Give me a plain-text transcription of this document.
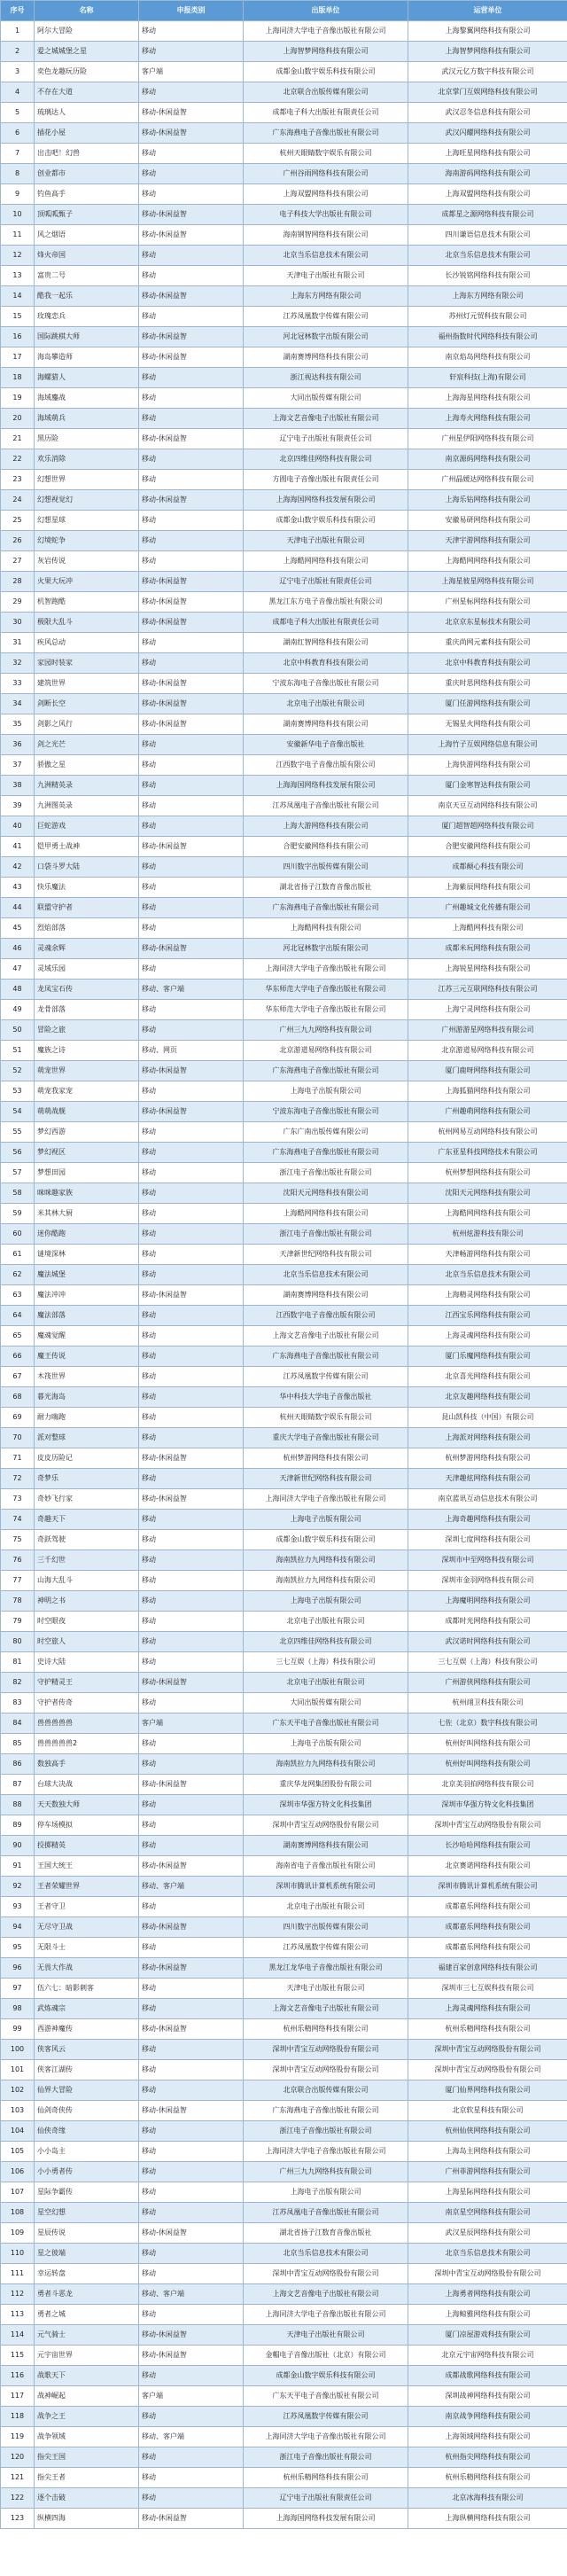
序号	名称	申报类别	出版单位	运营单位
1	阿尔大冒险	移动	上海同济大学电子音像出版社有限公司	上海黎翼网络科技有限公司
2	爱之城城堡之星	移动	上海智梦网络科技有限公司	上海智梦网络科技有限公司
3	奕色龙趣玩历险	客户端	成都金山数字娱乐科技有限公司	武汉元亿方数字科技有限公司
4	不存在大道	移动	北京联合出版传媒有限公司	北京掌门互娱网络科技有限公司
5	琉璃达人	移动-休闲益智	成都电子科大出版社有限责任公司	武汉忍冬信息科技有限公司
6	插花小屋	移动-休闲益智	广东海燕电子音像出版社有限公司	武汉闪耀网络科技有限公司
7	出击吧！幻兽	移动	杭州天眼睛数字娱乐有限公司	上海旺星网络科技有限公司
8	创业都市	移动	广州谷雨网络科技有限公司	海南游码网络科技有限公司
9	钓鱼高手	移动	上海双盟网络科技有限公司	上海双盟网络科技有限公司
10	顶呱呱甄子	移动-休闲益智	电子科技大学出版社有限公司	成都星之源网络科技有限公司
11	风之烟语	移动-休闲益智	海南钢智网络科技有限公司	四川谦语信息技术有限公司
12	烽火帝国	移动	北京当乐信息技术有限公司	北京当乐信息技术有限公司
13	富贵二号	移动	天津电子出版社有限公司	长沙锐铭网络科技有限公司
14	酷我一起乐	移动-休闲益智	上海东方网络有限公司	上海东方网络有限公司
15	玫瑰恋兵	移动	江苏凤凰数字传媒有限公司	苏州灯元贸科技有限公司
16	国际跳棋大师	移动-休闲益智	河北冠林数字出版有限公司	福州指数时代网络科技有限公司
17	海岛攀造师	移动-休闲益智	湖南赛博网络科技有限公司	南京焰岛网络科技有限公司
18	海螺猎人	移动	浙江视达科技有限公司	轩宸科技(上海)有限公司
19	海域鏖战	移动	大同出版传媒有限公司	上海海星网络科技有限公司
20	海域萌兵	移动	上海文艺音像电子出版社有限公司	上海寿火网络科技有限公司
21	黑历险	移动-休闲益智	辽宁电子出版社有限责任公司	广州星伊阳网络科技有限公司
22	欢乐消除	移动	北京四维佳网络科技有限公司	南京源码网络科技有限公司
23	幻想世界	移动	方圆电子音像出版社有限责任公司	广州晶媛达网络科技有限公司
24	幻想视觉幻	移动-休闲益智	上海海国网络科技发展有限公司	上海乐钻网络科技有限公司
25	幻想星球	移动	成都金山数字娱乐科技有限公司	安徽易研网络科技有限公司
26	幻境蛇争	移动	天津电子出版社有限公司	天津宇游网络科技有限公司
27	灰岩传说	移动	上海酷网网络科技有限公司	上海酷网网络科技有限公司
28	火果大玩冲	移动-休闲益智	辽宁电子出版社有限责任公司	上海星彼星网络科技有限公司
29	机智跑酷	移动-休闲益智	黑龙江东方电子音像出版社有限公司	广州星标网络科技有限公司
30	极限大乱斗	移动-休闲益智	成都电子科大出版社有限责任公司	北京京东星标技术有限公司
31	疾风总动	移动	湖南红智网络科技有限公司	重庆尚网元素科技有限公司
32	家园时装家	移动	北京中科教育科技有限公司	北京中科教育科技有限公司
33	建筑世界	移动-休闲益智	宁波东海电子音像出版社有限公司	重庆时思网络科技有限公司
34	剑断长空	移动-休闲益智	北京电子出版社有限公司	厦门任游网络科技有限公司
35	剑影之风行	移动-休闲益智	湖南赛博网络科技有限公司	无锡星火网络科技有限公司
36	剑之光芒	移动	安徽新华电子音像出版社	上海竹子互娱网络信息有限公司
37	骄傲之星	移动	江西数字电子音像出版有限公司	上海快游网络科技有限公司
38	九洲精英录	移动	上海海国网络科技发展有限公司	厦门金寒智达科技有限公司
39	九洲图英录	移动	江苏凤凰电子音像出版社有限公司	南京天豆互动网络科技有限公司
40	巨蛇游戏	移动	上海大游网络科技有限公司	厦门超智超网络科技有限公司
41	铠甲勇士战神	移动-休闲益智	合肥安徽网络科技有限公司	合肥安徽网络科技有限公司
42	口袋斗罗大陆	移动	四川数字出版传媒有限公司	成都颠心科技有限公司
43	快乐魔法	移动	湖北省扬子江数育音像出版社	上海紫辰网络科技有限公司
44	联盟守护者	移动	广东海燕电子音像出版社有限公司	广州趣城文化传播有限公司
45	烈焰部落	移动	上海酷网科技有限公司	上海酷网科技有限公司
46	灵魂余辉	移动-休闲益智	河北冠林数字出版有限公司	成都米玩网络科技有限公司
47	灵域乐园	移动	上海同济大学电子音像出版社有限公司	上海锐星网络科技有限公司
48	龙凤宝石传	移动、客户端	华东师范大学电子音像出版社有限公司	江苏三元互联网络科技有限公司
49	龙骨部落	移动	华东师范大学电子音像出版社有限公司	上海宁灵网络科技有限公司
50	冒险之旅	移动	广州三九九网络科技有限公司	广州游游星网络科技有限公司
51	魔族之诗	移动、网页	北京游道易网络科技有限公司	北京游道易网络科技有限公司
52	萌宠世界	移动-休闲益智	广东海燕电子音像出版社有限公司	厦门鹿呀网络科技有限公司
53	萌宠我家宠	移动	上海电子出版有限公司	上海狐猫网络科技有限公司
54	萌萌战舰	移动-休闲益智	宁波东海电子音像出版社有限公司	广州趣萌网络科技有限公司
55	梦幻西游	移动	广东广南出版传媒有限公司	杭州网易互动网络科技有限公司
56	梦幻视区	移动	广东海燕电子音像出版社有限公司	广东亚星科技网络技术有限公司
57	梦想田园	移动	浙江电子音像出版社有限公司	杭州梦想网络科技有限公司
58	咪咪趣家族	移动	沈阳天元网络科技有限公司	沈阳天元网络科技有限公司
59	米其林大厨	移动	上海酷网网络科技有限公司	上海酷网网络科技有限公司
60	迷你酷跑	移动	浙江电子音像出版社有限公司	杭州炫游科技有限公司
61	谜境深林	移动	天津新世纪网络科技有限公司	天津畅游网络科技有限公司
62	魔法城堡	移动	北京当乐信息技术有限公司	北京当乐信息技术有限公司
63	魔法冲冲	移动-休闲益智	湖南赛博网络科技有限公司	上海精灵网络科技有限公司
64	魔法部落	移动	江西数字电子音像出版有限公司	江西宝乐网络科技有限公司
65	魔魂觉醒	移动	上海文艺音像电子出版社有限公司	上海灵魂网络科技有限公司
66	魔王传说	移动	广东海燕电子音像出版社有限公司	厦门乐魔网络科技有限公司
67	木筏世界	移动	江苏凤凰数字传媒有限公司	北京喜光网络科技有限公司
68	暮光海岛	移动	华中科技大学电子音像出版社	北京友趣网络科技有限公司
69	耐力嗨跑	移动	杭州天眼睛数字娱乐有限公司	昆山凯科技（中国）有限公司
70	派对整球	移动	重庆大学电子音像出版社有限公司	上海派对网络科技有限公司
71	皮皮历险记	移动-休闲益智	杭州梦游网络科技有限公司	杭州梦游网络科技有限公司
72	奇梦乐	移动	天津新世纪网络科技有限公司	天津趣炫网络科技有限公司
73	奇妙飞行家	移动-休闲益智	上海同济大学电子音像出版社有限公司	南京蓝讯互动信息技术有限公司
74	奇趣天下	移动	上海电子出版有限公司	上海奇趣网络科技有限公司
75	奇跃驾驶	移动	成都金山数字娱乐科技有限公司	深圳七度网络科技有限公司
76	三千幻世	移动	海南凯拉力九网络科技有限公司	深圳市中至网络科技有限公司
77	山海大乱斗	移动	海南凯拉力九网络科技有限公司	深圳市金羽网络科技有限公司
78	神明之书	移动	上海电子出版有限公司	上海魔明网络科技有限公司
79	时空眼夜	移动	北京电子出版社有限公司	成都时光网络科技有限公司
80	时空旅人	移动	北京四维佳网络科技有限公司	武汉诺时网络科技有限公司
81	史诗大陆	移动	三七互娱（上海）科技有限公司	三七互娱（上海）科技有限公司
82	守护精灵王	移动-休闲益智	北京电子出版社有限公司	广州游侠网络科技有限公司
83	守护者传奇	移动	大同出版传媒有限公司	杭州翊卫科技有限公司
84	兽兽兽兽兽	客户端	广东天平电子音像出版社有限公司	七佐（北京）数字科技有限公司
85	兽兽兽兽兽2	移动	上海电子出版有限公司	杭州好叫网络科技有限公司
86	数独高手	移动	海南凯拉力九网络科技有限公司	杭州好叫网络科技有限公司
87	台球大决战	移动-休闲益智	重庆华龙网集团股份有限公司	北京美羽拍网络科技有限公司
88	天天数独大师	移动	深圳市华强方特文化科技集团	深圳市华强方特文化科技集团
89	停车场模拟	移动	深圳中青宝互动网络股份有限公司	深圳中青宝互动网络股份有限公司
90	投掷精英	移动	湖南赛博网络科技有限公司	长沙哈哈网络科技有限公司
91	王国大统王	移动-休闲益智	海南省电子音像出版社有限公司	北京赛诺网络科技有限公司
92	王者荣耀世界	移动、客户端	深圳市腾讯计算机系统有限公司	深圳市腾讯计算机系统有限公司
93	王者守卫	移动	北京电子出版社有限公司	成都嘉乐网络科技有限公司
94	无尽守卫战	移动-休闲益智	四川数字出版传媒有限公司	成都嘉乐网络科技有限公司
95	无限斗士	移动	江苏凤凰数字传媒有限公司	成都嘉乐网络科技有限公司
96	无畏大作战	移动-休闲益智	黑龙江龙华电子音像出版社有限公司	福建百家创意网络科技有限公司
97	伍六七：暗影刺客	移动	天津电子出版社有限公司	深圳市三七互娱科技有限公司
98	武炼魂宗	移动	上海文艺音像电子出版社有限公司	上海灵魂网络科技有限公司
99	西游神魔传	移动-休闲益智	杭州乐精网络科技有限公司	杭州乐精网络科技有限公司
100	侠客风云	移动	深圳中青宝互动网络股份有限公司	深圳中青宝互动网络股份有限公司
101	侠客江湖传	移动	深圳中青宝互动网络股份有限公司	深圳中青宝互动网络股份有限公司
102	仙界大冒险	移动	北京联合出版传媒有限公司	厦门仙界网络科技有限公司
103	仙剑奇侠传	移动-休闲益智	广东海燕电子音像出版社有限公司	北京软星科技有限公司
104	仙侠奇缘	移动	浙江电子音像出版社有限公司	杭州仙侠网络科技有限公司
105	小小岛主	移动	上海同济大学电子音像出版社有限公司	上海岛主网络科技有限公司
106	小小勇者传	移动	广州三九九网络科技有限公司	广州菲游网络科技有限公司
107	星际争霸传	移动	上海电子出版有限公司	上海星际网络科技有限公司
108	星空幻想	移动	江苏凤凰电子音像出版社有限公司	南京星空网络科技有限公司
109	星辰传说	移动-休闲益智	湖北省扬子江数育音像出版社	武汉星辰网络科技有限公司
110	星之彼端	移动	北京当乐信息技术有限公司	北京当乐信息技术有限公司
111	幸运转盘	移动	深圳中青宝互动网络股份有限公司	深圳中青宝互动网络股份有限公司
112	勇者斗恶龙	移动、客户端	上海文艺音像电子出版社有限公司	上海勇者网络科技有限公司
113	勇者之城	移动	上海同济大学电子音像出版社有限公司	上海鲸雅网络科技有限公司
114	元气骑士	移动-休闲益智	天津电子出版社有限公司	厦门凉屋游戏科技有限公司
115	元宇宙世界	移动-休闲益智	金帽电子音像出版社（北京）有限公司	北京元宇宙网络科技有限公司
116	战歌天下	移动	成都金山数字娱乐科技有限公司	成都战歌网络科技有限公司
117	战神崛起	客户端	广东天平电子音像出版社有限公司	深圳战神网络科技有限公司
118	战争之王	移动	江苏凤凰数字传媒有限公司	南京战争网络科技有限公司
119	战争领域	移动、客户端	上海同济大学电子音像出版社有限公司	上海领域网络科技有限公司
120	指尖王国	移动	浙江电子音像出版社有限公司	杭州指尖网络科技有限公司
121	指尖王者	移动	杭州乐精网络科技有限公司	杭州乐精网络科技有限公司
122	逐个击破	移动	辽宁电子出版社有限责任公司	北京冰海科技有限公司
123	纵横四海	移动-休闲益智	上海海国网络科技发展有限公司	上海纵横网络科技有限公司
